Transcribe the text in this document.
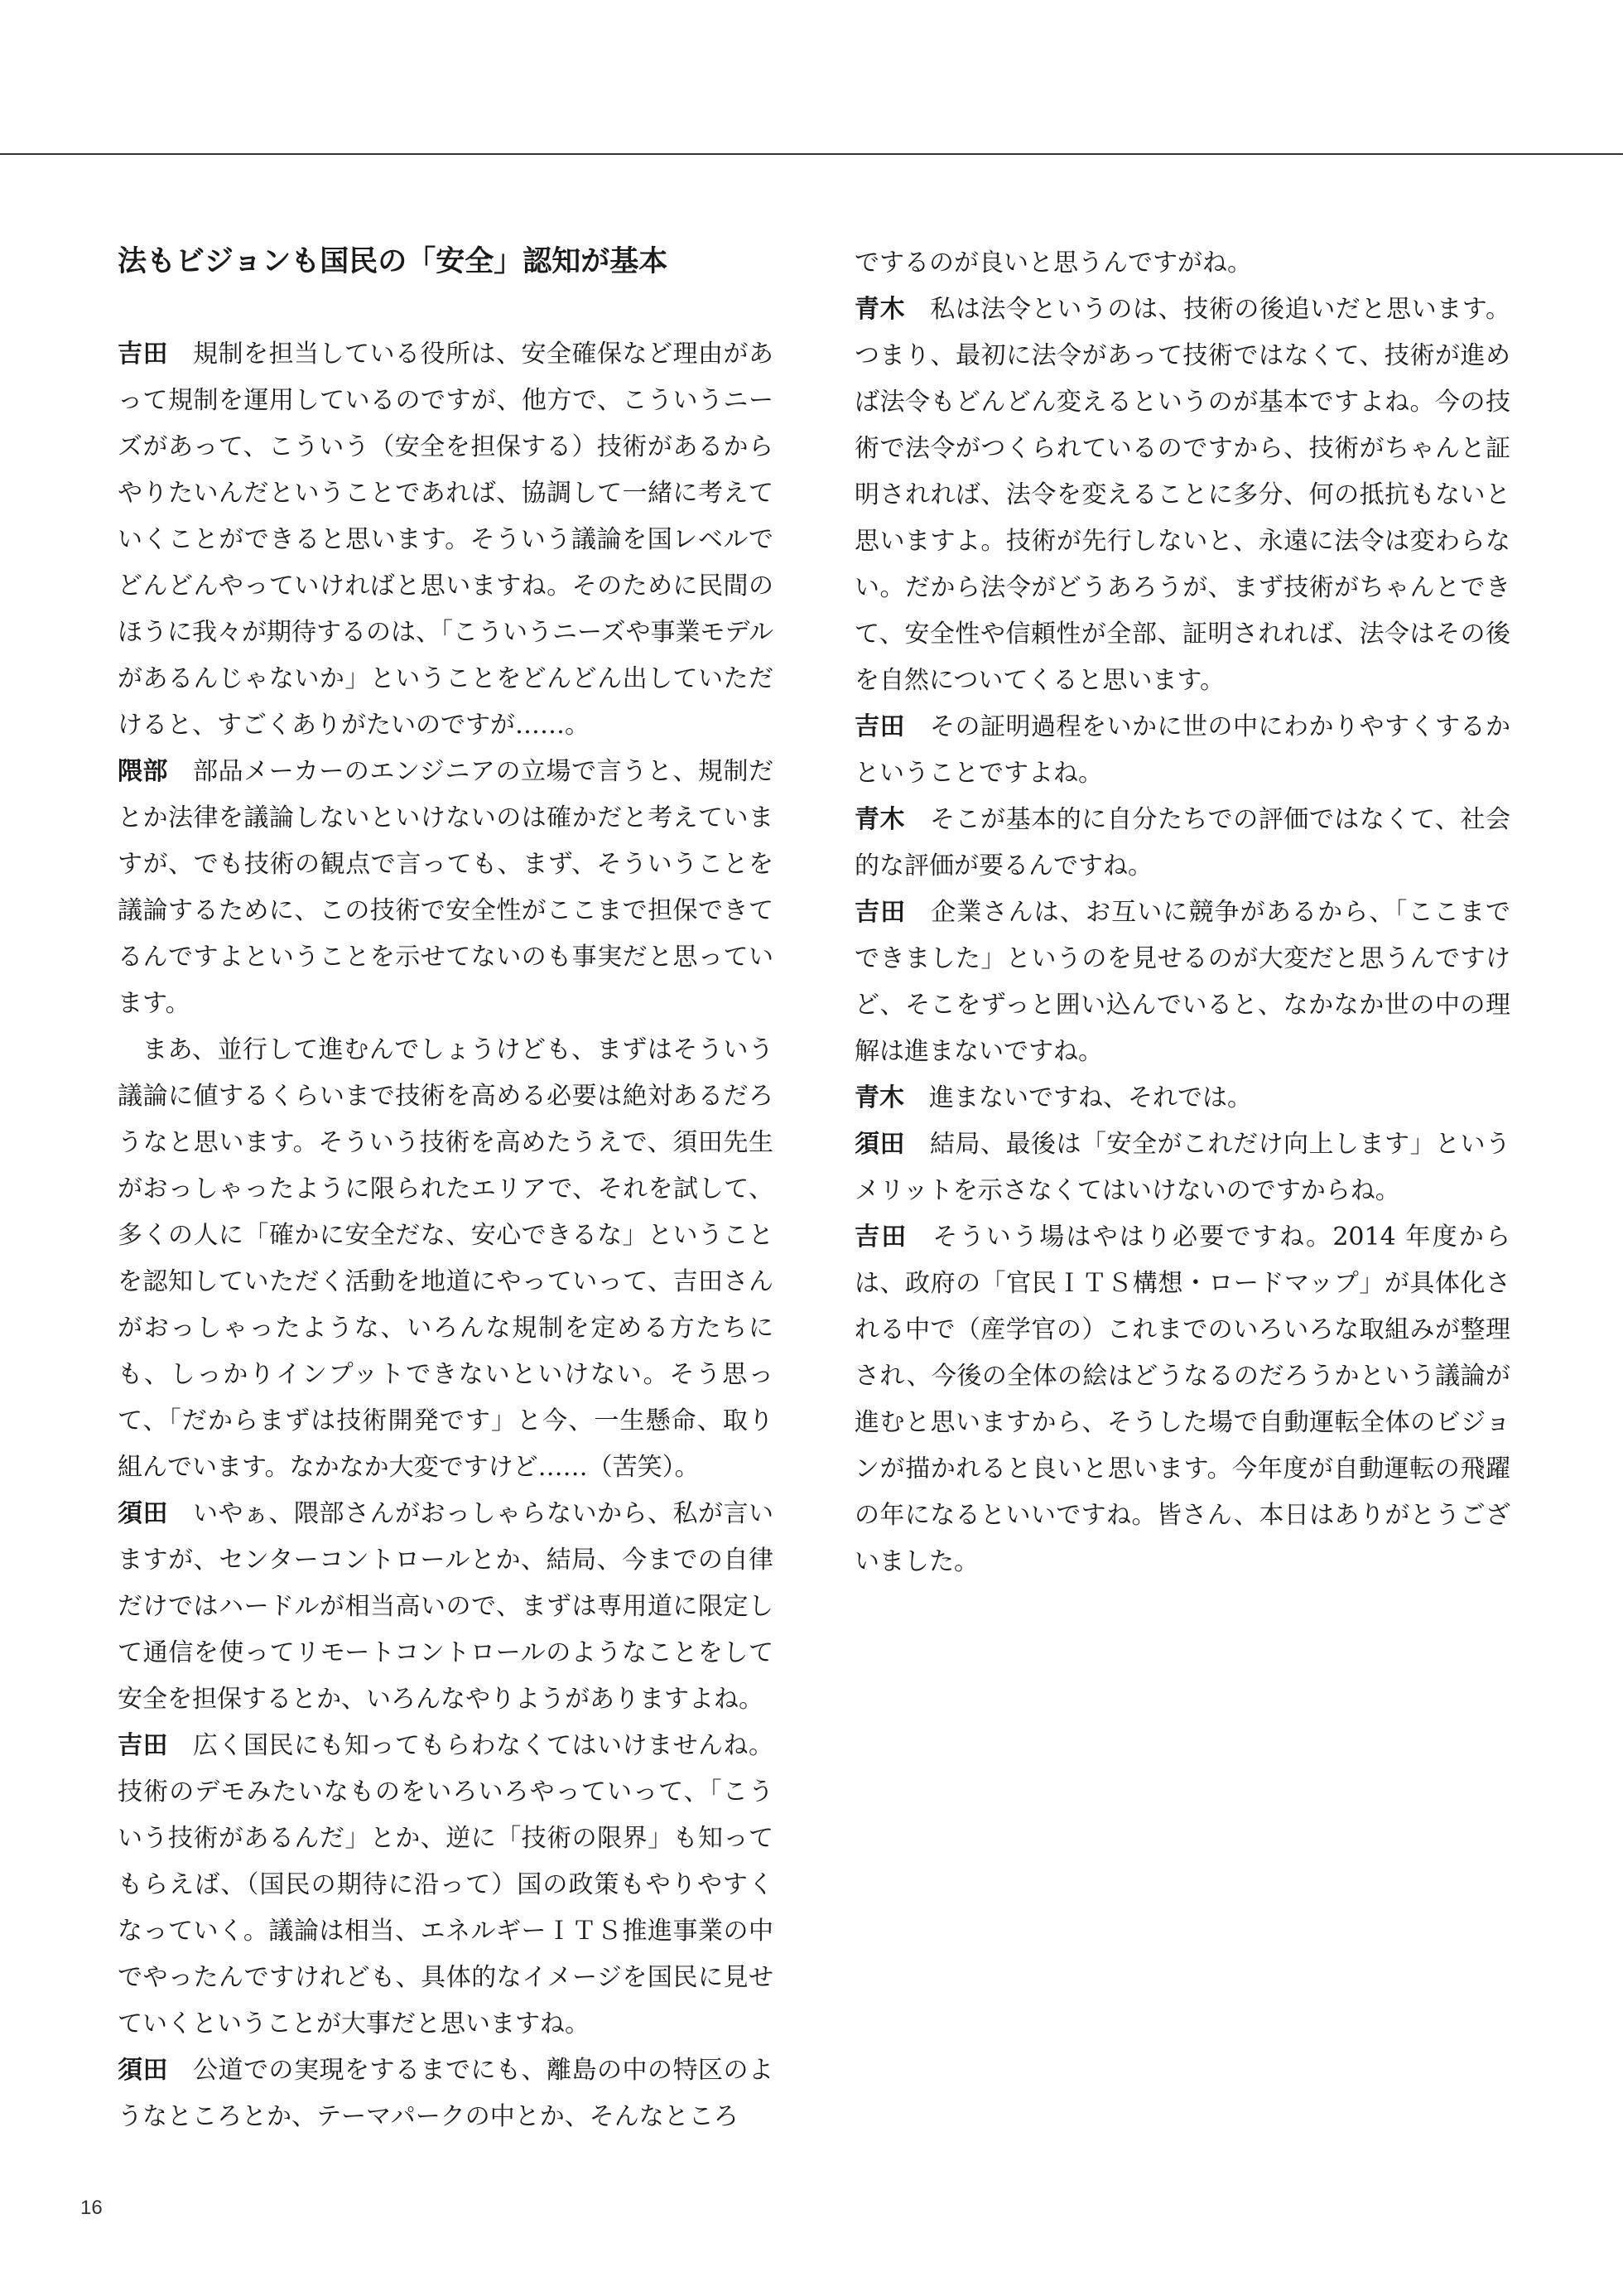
法もビジョンも国民の「安全」認知が基本

吉田 規制を担当している役所は、安全確保など理由があって規制を運用しているのですが、他方で、こういうニーズがあって、こういう（安全を担保する）技術があるからやりたいんだということであれば、協調して一緒に考えていくことができると思います。そういう議論を国レベルでどんどんやっていければと思いますね。そのために民間のほうに我々が期待するのは、「こういうニーズや事業モデルがあるんじゃないか」ということをどんどん出していただけると、すごくありがたいのですが……。

隈部 部品メーカーのエンジニアの立場で言うと、規制だとか法律を議論しないといけないのは確かだと考えていますが、でも技術の観点で言っても、まず、そういうことを議論するために、この技術で安全性がここまで担保できてるんですよということを示せてないのも事実だと思っています。

まあ、並行して進むんでしょうけども、まずはそういう議論に値するくらいまで技術を高める必要は絶対あるだろうなと思います。そういう技術を高めたうえで、須田先生がおっしゃったように限られたエリアで、それを試して、多くの人に「確かに安全だな、安心できるな」ということを認知していただく活動を地道にやっていって、吉田さんがおっしゃったような、いろんな規制を定める方たちにも、しっかりインプットできないといけない。そう思って、「だからまずは技術開発です」と今、一生懸命、取り組んでいます。なかなか大変ですけど……（苦笑）。

須田 いやぁ、隈部さんがおっしゃらないから、私が言いますが、センターコントロールとか、結局、今までの自律だけではハードルが相当高いので、まずは専用道に限定して通信を使ってリモートコントロールのようなことをして安全を担保するとか、いろんなやりようがありますよね。

吉田 広く国民にも知ってもらわなくてはいけませんね。技術のデモみたいなものをいろいろやっていって、「こういう技術があるんだ」とか、逆に「技術の限界」も知ってもらえば、（国民の期待に沿って）国の政策もやりやすくなっていく。議論は相当、エネルギーＩＴＳ推進事業の中でやったんですけれども、具体的なイメージを国民に見せていくということが大事だと思いますね。

須田 公道での実現をするまでにも、離島の中の特区のようなところとか、テーマパークの中とか、そんなところ

でするのが良いと思うんですがね。

青木 私は法令というのは、技術の後追いだと思います。つまり、最初に法令があって技術ではなくて、技術が進めば法令もどんどん変えるというのが基本ですよね。今の技術で法令がつくられているのですから、技術がちゃんと証明されれば、法令を変えることに多分、何の抵抗もないと思いますよ。技術が先行しないと、永遠に法令は変わらない。だから法令がどうあろうが、まず技術がちゃんとできて、安全性や信頼性が全部、証明されれば、法令はその後を自然についてくると思います。

吉田 その証明過程をいかに世の中にわかりやすくするかということですよね。

青木 そこが基本的に自分たちでの評価ではなくて、社会的な評価が要るんですね。

吉田 企業さんは、お互いに競争があるから、「ここまでできました」というのを見せるのが大変だと思うんですけど、そこをずっと囲い込んでいると、なかなか世の中の理解は進まないですね。

青木 進まないですね、それでは。

須田 結局、最後は「安全がこれだけ向上します」というメリットを示さなくてはいけないのですからね。

吉田 そういう場はやはり必要ですね。2014 年度からは、政府の「官民ＩＴＳ構想・ロードマップ」が具体化される中で（産学官の）これまでのいろいろな取組みが整理され、今後の全体の絵はどうなるのだろうかという議論が進むと思いますから、そうした場で自動運転全体のビジョンが描かれると良いと思います。今年度が自動運転の飛躍の年になるといいですね。皆さん、本日はありがとうございました。

16
